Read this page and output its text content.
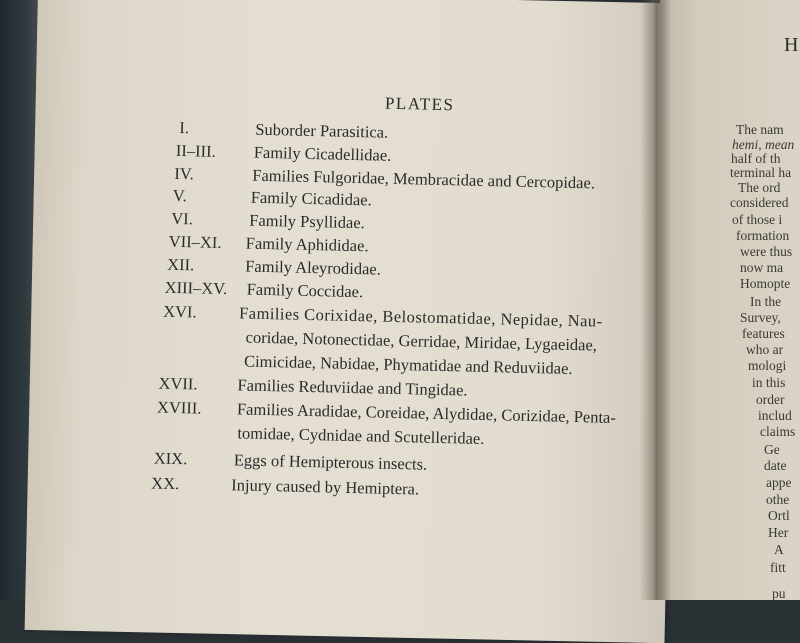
H
The nam
hemi, mean
half of th
terminal ha
The ord
considered
of those i
formation
were thus
now ma
Homopte
In the
Survey,
features
who ar
mologi
in this
order
includ
claims
Ge
date
appe
othe
Ortl
Her
A
fitt
pu
PLATES
I.	Suborder Parasitica.
II–III. Family Cicadellidae.
IV.	Families Fulgoridae, Membracidae and Cercopidae.
V.	Family Cicadidae.
VI.	Family Psyllidae.
VII–XI. Family Aphididae.
XII.	Family Aleyrodidae.
XIII–XV. Family Coccidae.
XVI.	Families Corixidae, Belostomatidae, Nepidae, Nau-
coridae, Notonectidae, Gerridae, Miridae, Lygaeidae,
Cimicidae, Nabidae, Phymatidae and Reduviidae.
XVII. Families Reduviidae and Tingidae.
XVIII. Families Aradidae, Coreidae, Alydidae, Corizidae, Penta-
tomidae, Cydnidae and Scutelleridae.
XIX.	Eggs of Hemipterous insects.
XX.	Injury caused by Hemiptera.
